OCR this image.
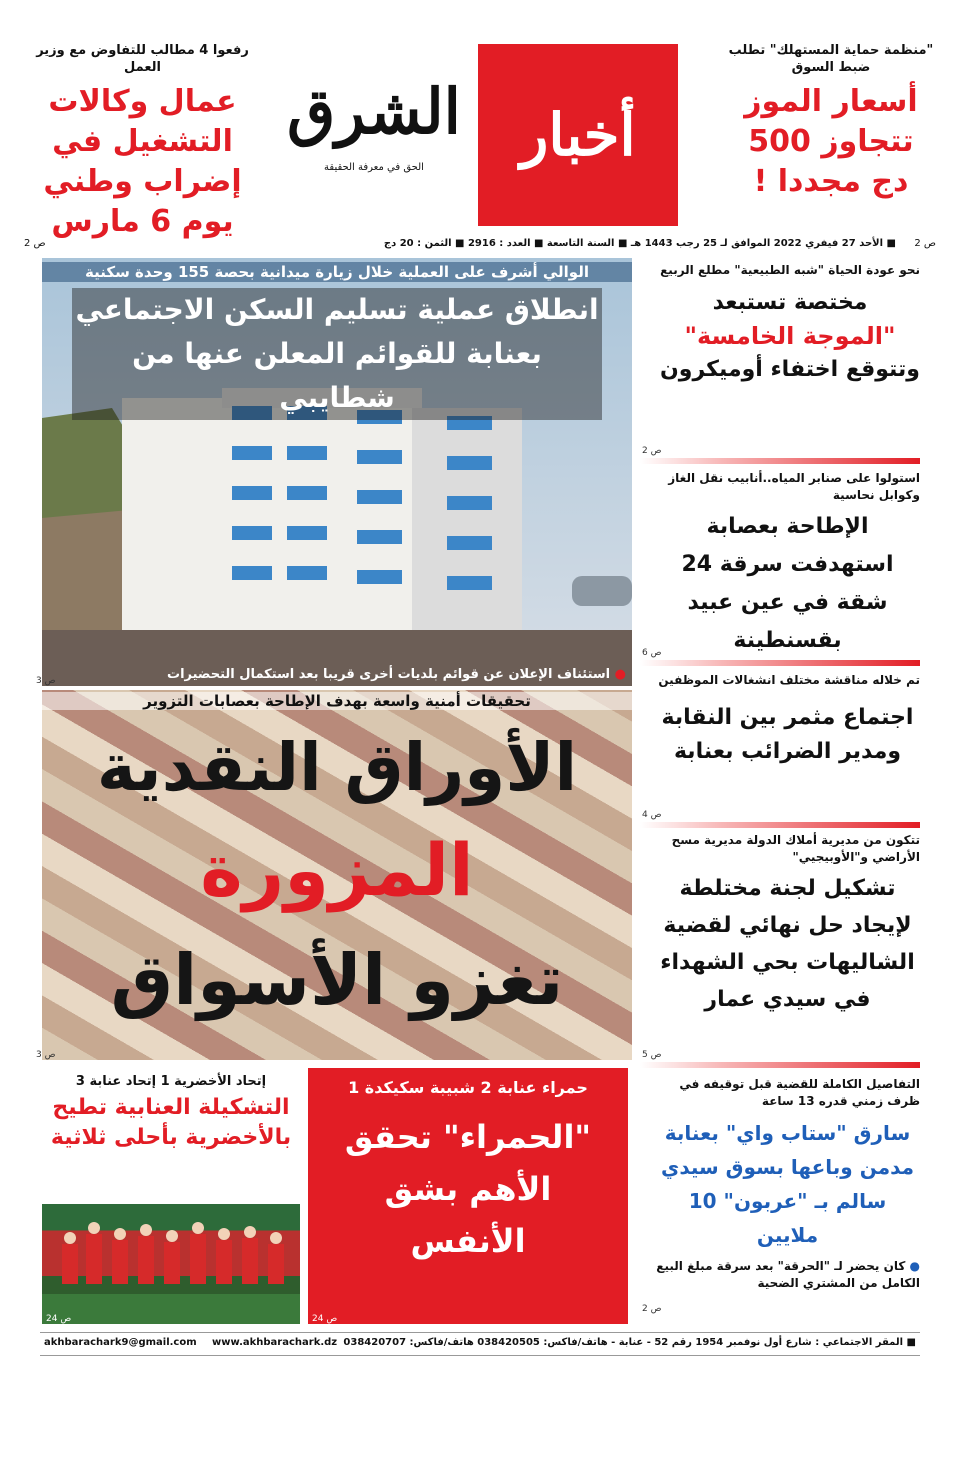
"منظمة حماية المستهلك" تطلب ضبط السوق
أسعار الموز تتجاوز 500 دج مجددا !
أخبار
الشرق
الحق في معرفة الحقيقة
رفعوا 4 مطالب للتفاوض مع وزير العمل
عمال وكالات التشغيل في إضراب وطني يوم 6 مارس
ص 2
■ الأحد 27 فيفري 2022 الموافق لـ 25 رجب 1443 هـ ■ السنة التاسعة ■ العدد : 2916 ■ الثمن : 20 دج
ص 2
الوالي أشرف على العملية خلال زيارة ميدانية بحصة 155 وحدة سكنية
انطلاق عملية تسليم السكن الاجتماعي بعنابة للقوائم المعلن عنها من شطايبي
● استئناف الإعلان عن قوائم بلديات أخرى قريبا بعد استكمال التحضيرات
ص 3
تحقيقات أمنية واسعة بهدف الإطاحة بعصابات التزوير
الأوراق النقدية
المزورة
تغزو الأسواق
ص 3
نحو عودة الحياة "شبه الطبيعية" مطلع الربيع
مختصة تستبعد
"الموجة الخامسة"
وتتوقع اختفاء أوميكرون
ص 2
استولوا على صنابر المياه..أنابيب نقل الغاز وكوابل نحاسية
الإطاحة بعصابة استهدفت سرقة 24 شقة في عين عبيد بقسنطينة
ص 6
تم خلاله مناقشة مختلف انشغالات الموظفين
اجتماع مثمر بين النقابة ومدير الضرائب بعنابة
ص 4
تتكون من مديرية أملاك الدولة مديرية مسح الأراضي و"الأوبيجيي"
تشكيل لجنة مختلطة لإيجاد حل نهائي لقضية الشاليهات بحي الشهداء في سيدي عمار
ص 5
التفاصيل الكاملة للقضية قبل توقيفه في ظرف زمني قدره 13 ساعة
سارق "ستاب واي" بعنابة مدمن وباعها بسوق سيدي سالم بـ "عربون" 10 ملايين
● كان يحضر لـ "الحرقة" بعد سرقة مبلغ البيع الكامل من المشتري الضحية
ص 2
حمراء عنابة 2 شبيبة سكيكدة 1
"الحمراء" تحقق الأهم بشق الأنفس
ص 24
إتحاد الأخضرية 1 إتحاد عنابة 3
التشكيلة العنابية تطيح بالأخضرية بأحلى ثلاثية
ص 24
■ المقر الاجتماعي : شارع أول نوفمبر 1954 رقم 52 - عنابة - هاتف/فاكس: 038420505 هاتف/فاكس: 038420707
www.akhbarachark.dz
akhbarachark9@gmail.com
